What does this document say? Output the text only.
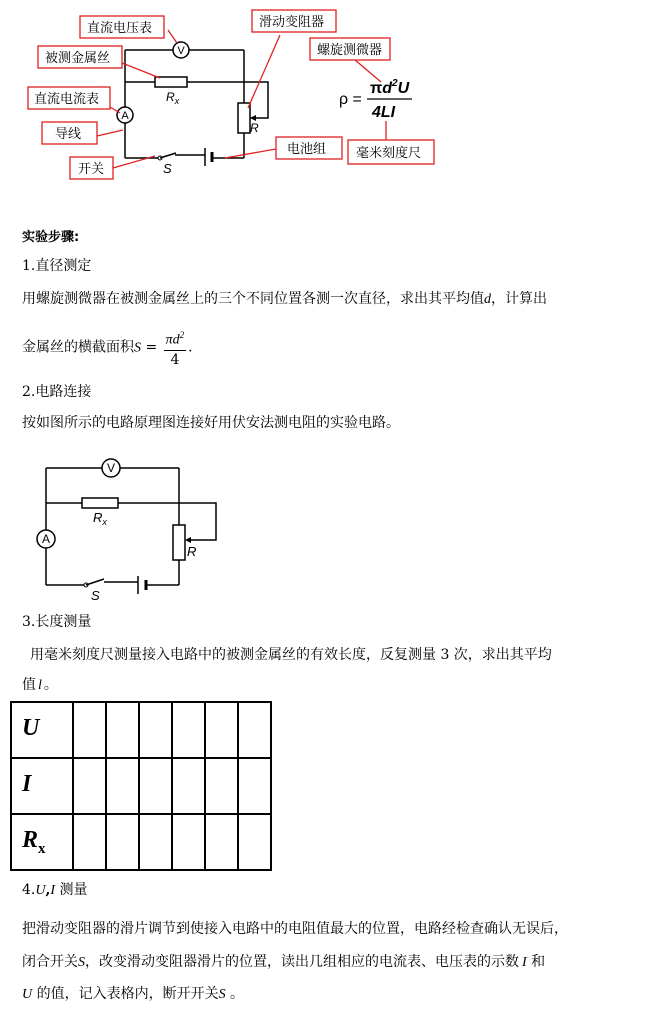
S
$R_x$
R
V
A
直流电压表
被测金属丝
直流电流表
导线
开关
滑动变阻器
螺旋测微器
电池组 毫米刻度尺
ρ =
$\pi d^2U$
4LI
实验步骤:
1.直径测定
用螺旋测微器在被测金属丝上的三个不同位置各测一次直径，求出其平均值d，计算出
金属丝的横截面积$S = \frac{\pi d^2}{4}$ .
2.电路连接
按如图所示的电路原理图连接好用伏安法测电阻的实验电路。
V
$R_x$
A
R
S
3.长度测量
用毫米刻度尺测量接入电路中的被测金属丝的有效长度，反复测量 3 次，求出其平均
值 l 。
U						
I						
$R_x$						
4.U,I 测量
把滑动变阻器的滑片调节到使接入电路中的电阻值最大的位置，电路经检查确认无误后，
闭合开关S，改变滑动变阻器滑片的位置，读出几组相应的电流表、电压表的示数 I 和
U 的值，记入表格内，断开开关S 。
